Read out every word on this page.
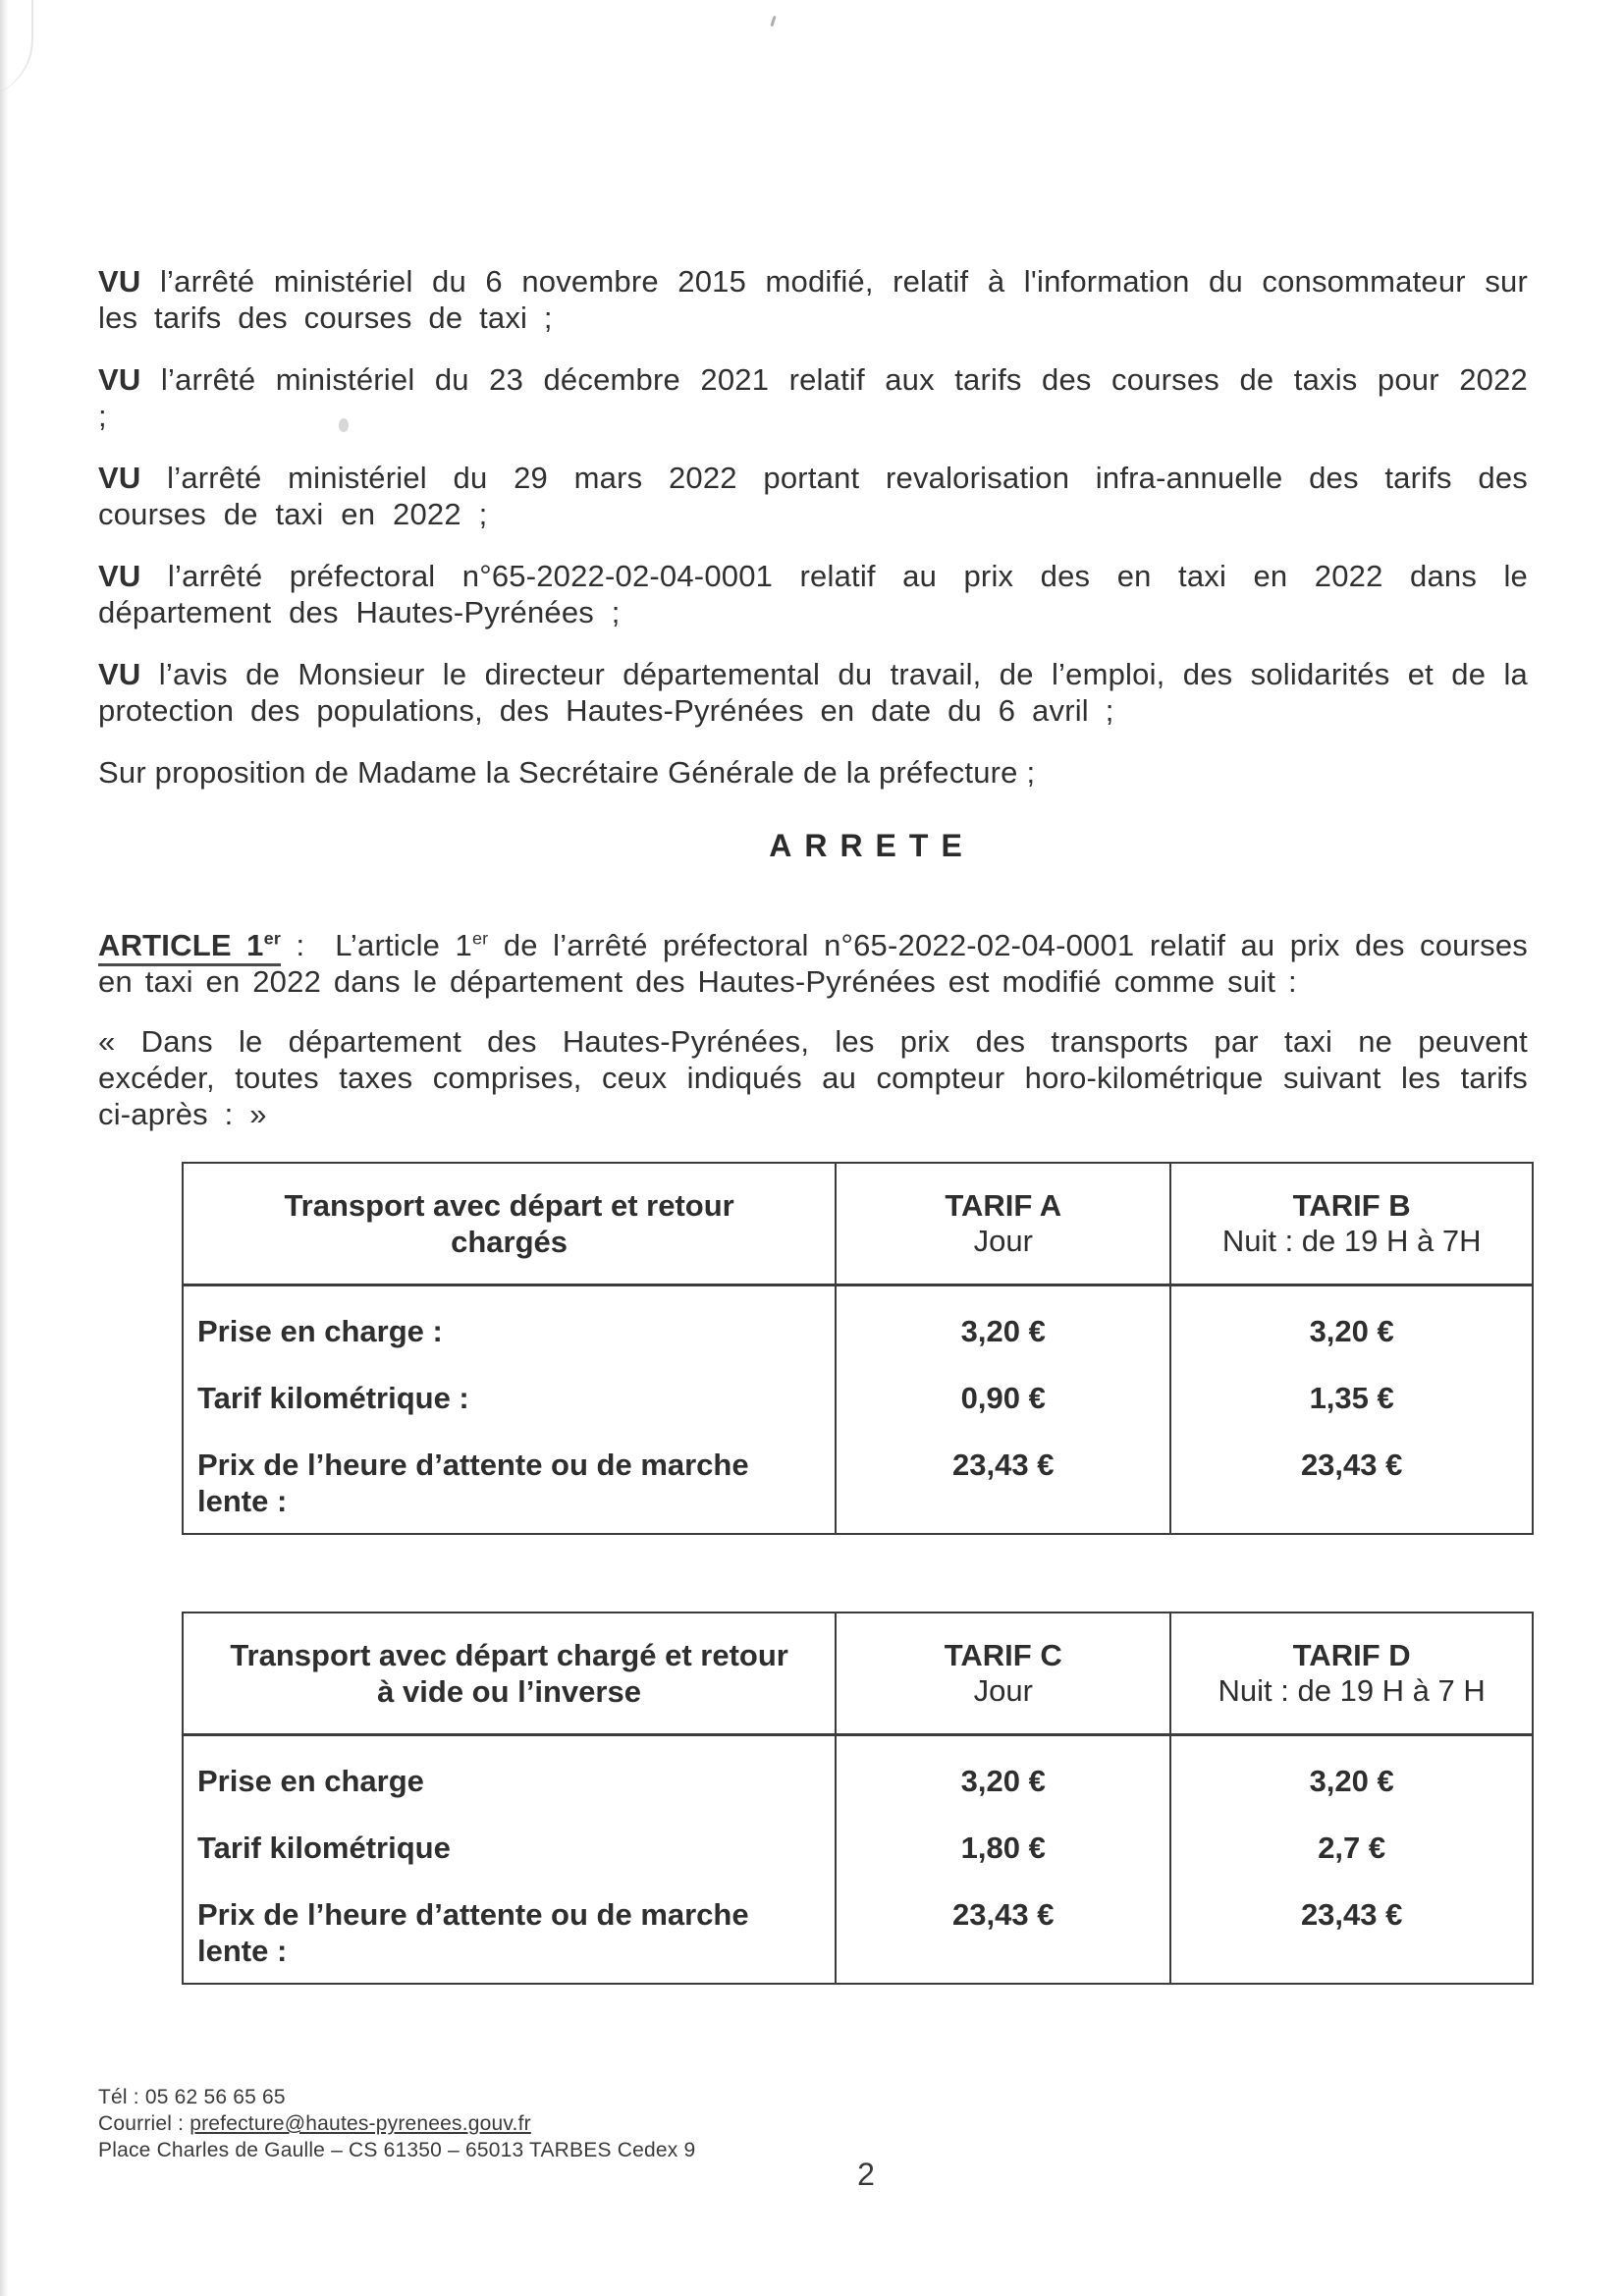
VU l’arrêté ministériel du 6 novembre 2015 modifié, relatif à l'information du consommateur sur les tarifs des courses de taxi ;

VU l’arrêté ministériel du 23 décembre 2021 relatif aux tarifs des courses de taxis pour 2022 ;

VU l’arrêté ministériel du 29 mars 2022 portant revalorisation infra-annuelle des tarifs des courses de taxi en 2022 ;

VU l’arrêté préfectoral n°65-2022-02-04-0001 relatif au prix des en taxi en 2022 dans le département des Hautes-Pyrénées ;

VU l’avis de Monsieur le directeur départemental du travail, de l’emploi, des solidarités et de la protection des populations, des Hautes-Pyrénées en date du 6 avril ;

Sur proposition de Madame la Secrétaire Générale de la préfecture ;

ARRETE

ARTICLE 1er : L’article 1er de l’arrêté préfectoral n°65-2022-02-04-0001 relatif au prix des courses en taxi en 2022 dans le département des Hautes-Pyrénées est modifié comme suit :

« Dans le département des Hautes-Pyrénées, les prix des transports par taxi ne peuvent excéder, toutes taxes comprises, ceux indiqués au compteur horo-kilométrique suivant les tarifs ci-après : »

Transport avec départ et retour
chargés
TARIF A
Jour
TARIF B
Nuit : de 19 H à 7H
Prise en charge :
Tarif kilométrique :
Prix de l’heure d’attente ou de marche lente :
3,20 €
0,90 €
23,43 €
3,20 €
1,35 €
23,43 €
Transport avec départ chargé et retour
à vide ou l’inverse
TARIF C
Jour
TARIF D
Nuit : de 19 H à 7 H
Prise en charge
Tarif kilométrique
Prix de l’heure d’attente ou de marche lente :
3,20 €
1,80 €
23,43 €
3,20 €
2,7 €
23,43 €
Tél : 05 62 56 65 65
Courriel : prefecture@hautes-pyrenees.gouv.fr
Place Charles de Gaulle – CS 61350 – 65013 TARBES Cedex 9
2
